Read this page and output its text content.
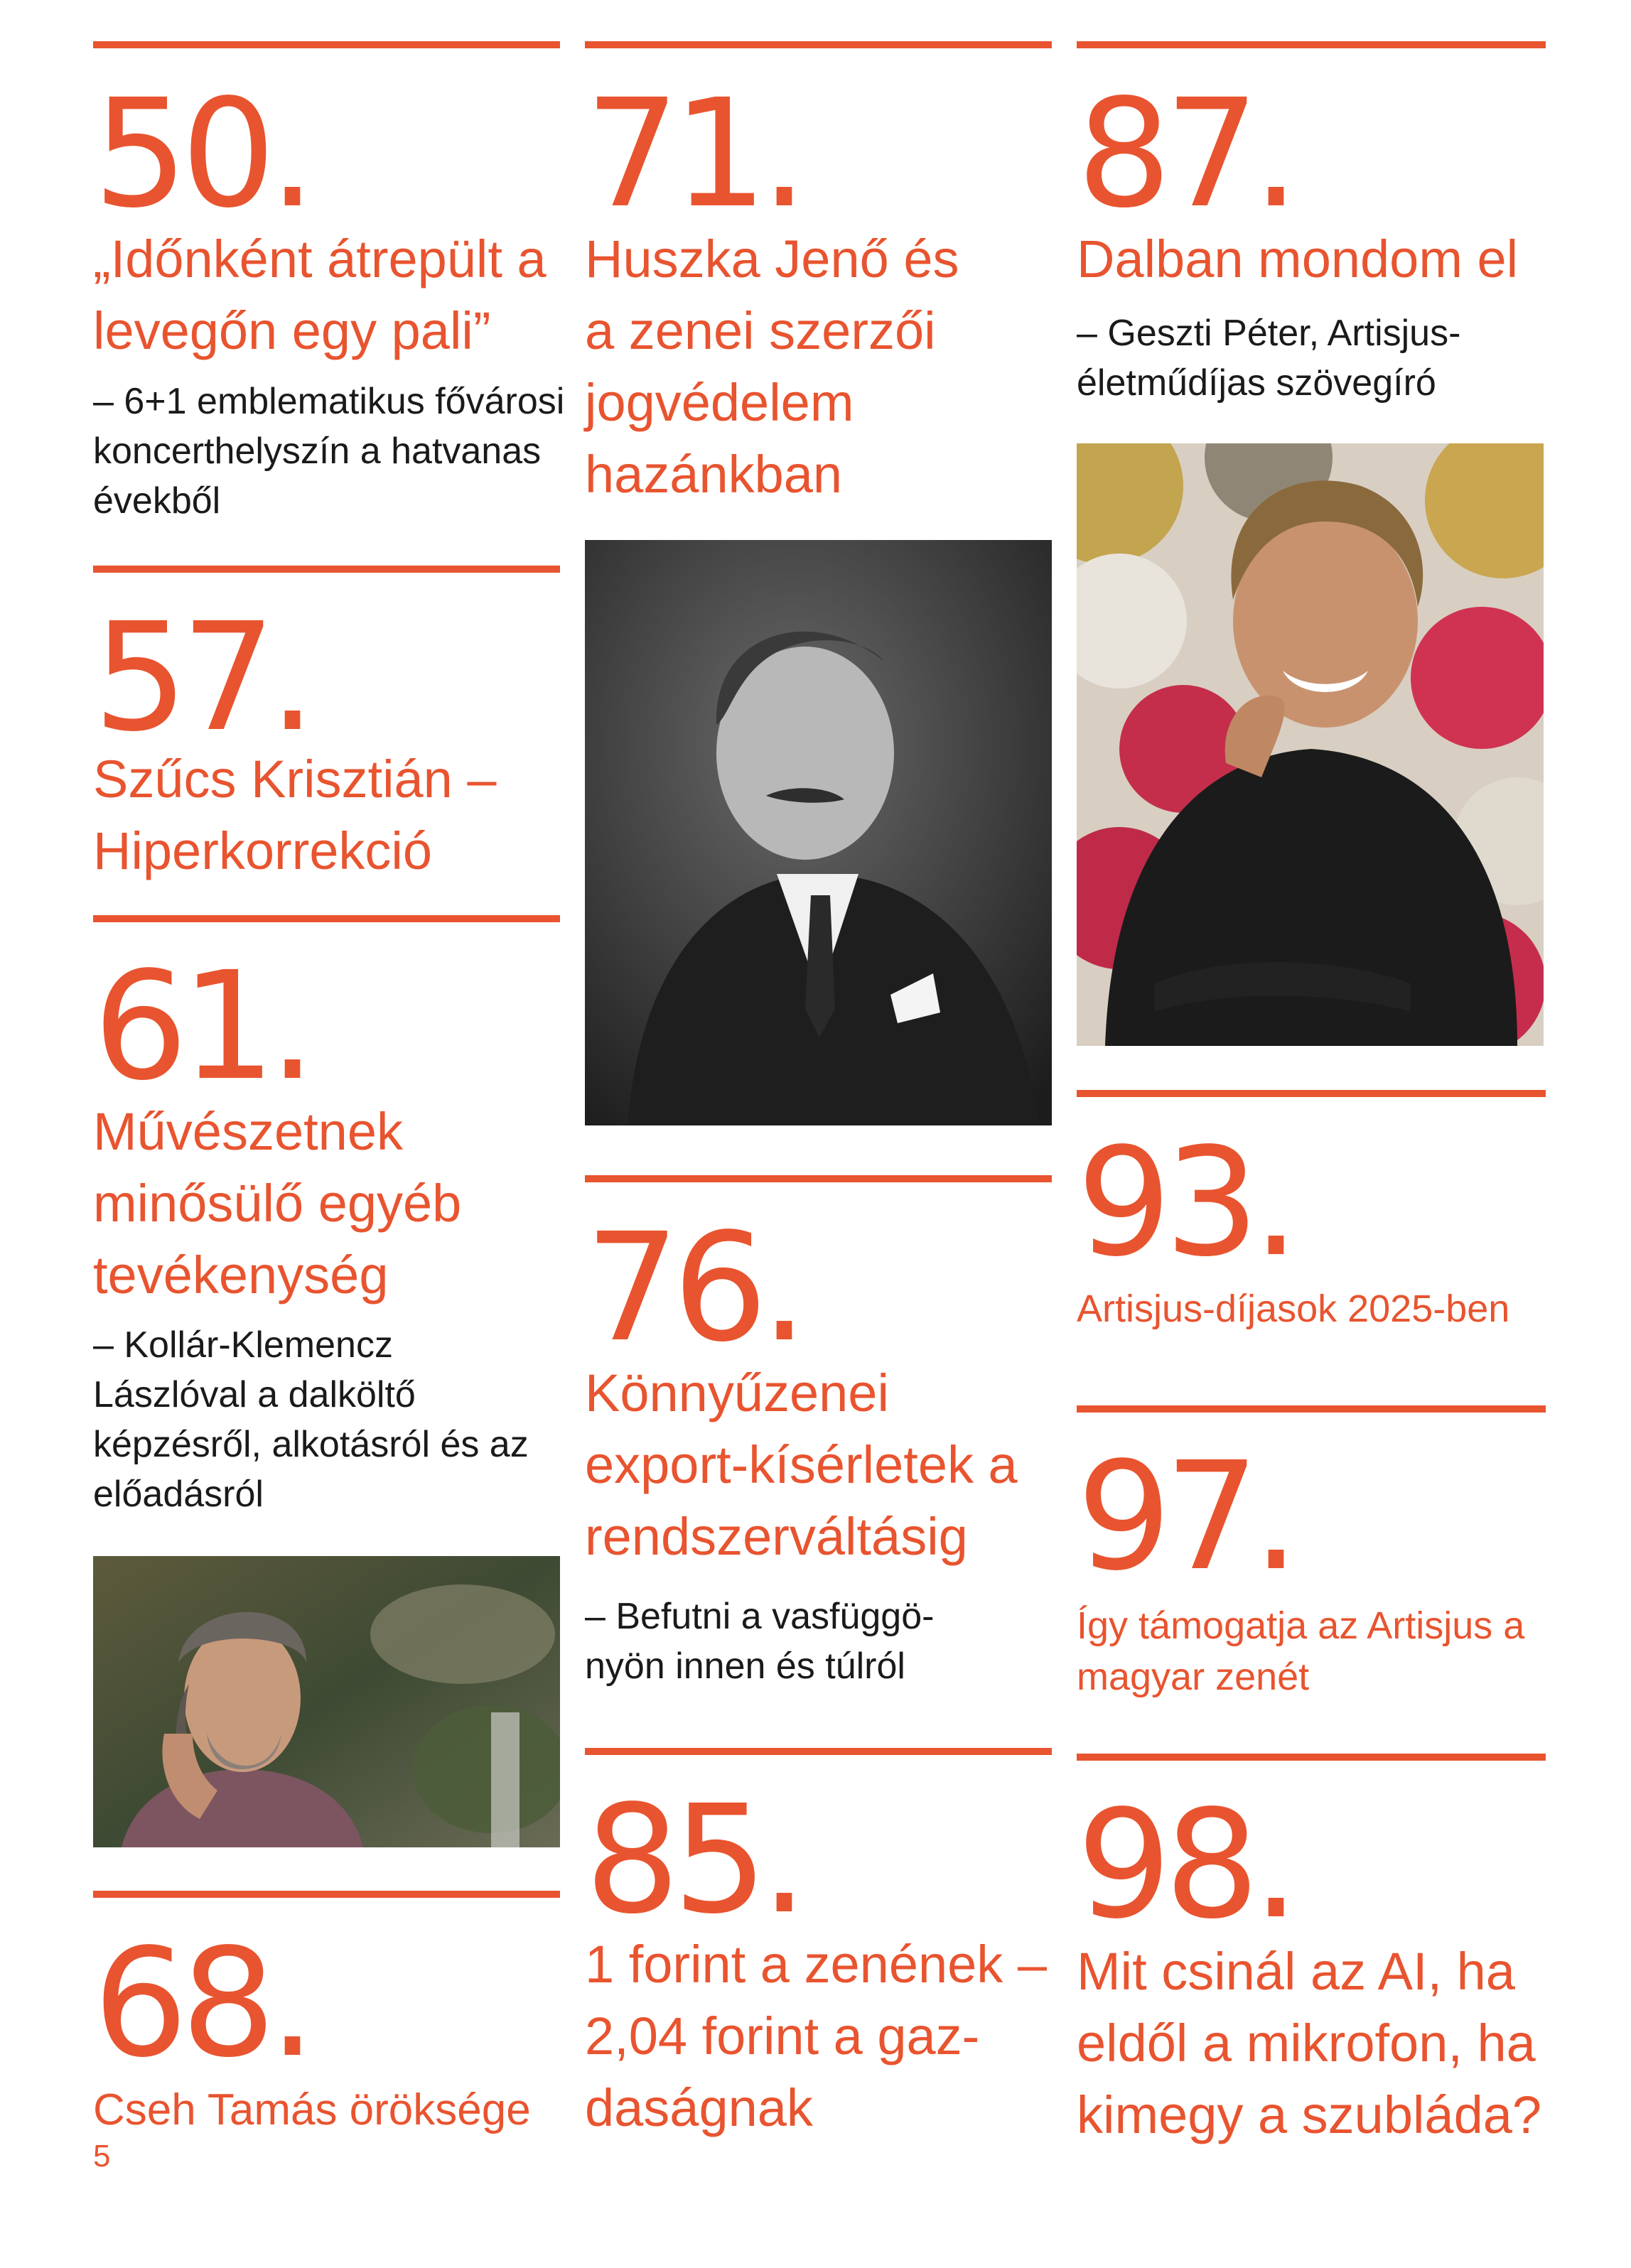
50.
„Időnként átrepült a levegőn egy pali”
– 6+1 emblematikus fővárosi koncerthelyszín a hatvanas évekből
57.
Szűcs Krisztián – Hiperkorrekció
61.
Művészetnek minősülő egyéb tevékenység
– Kollár-Klemencz Lászlóval a dalköltő képzésről, alkotásról és az előadásról
68.
Cseh Tamás öröksége
5
71.
Huszka Jenő és a zenei szerzői jogvédelem hazánkban
76.
Könnyűzenei export-kísérletek a rendszerváltásig
– Befutni a vasfüggö-nyön innen és túlról
85.
1 forint a zenének – 2,04 forint a gaz-daságnak
87.
Dalban mondom el
– Geszti Péter, Artisjus-életműdíjas szövegíró
93.
Artisjus-díjasok 2025-ben
97.
Így támogatja az Artisjus a magyar zenét
98.
Mit csinál az AI, ha eldől a mikrofon, ha kimegy a szubláda?
